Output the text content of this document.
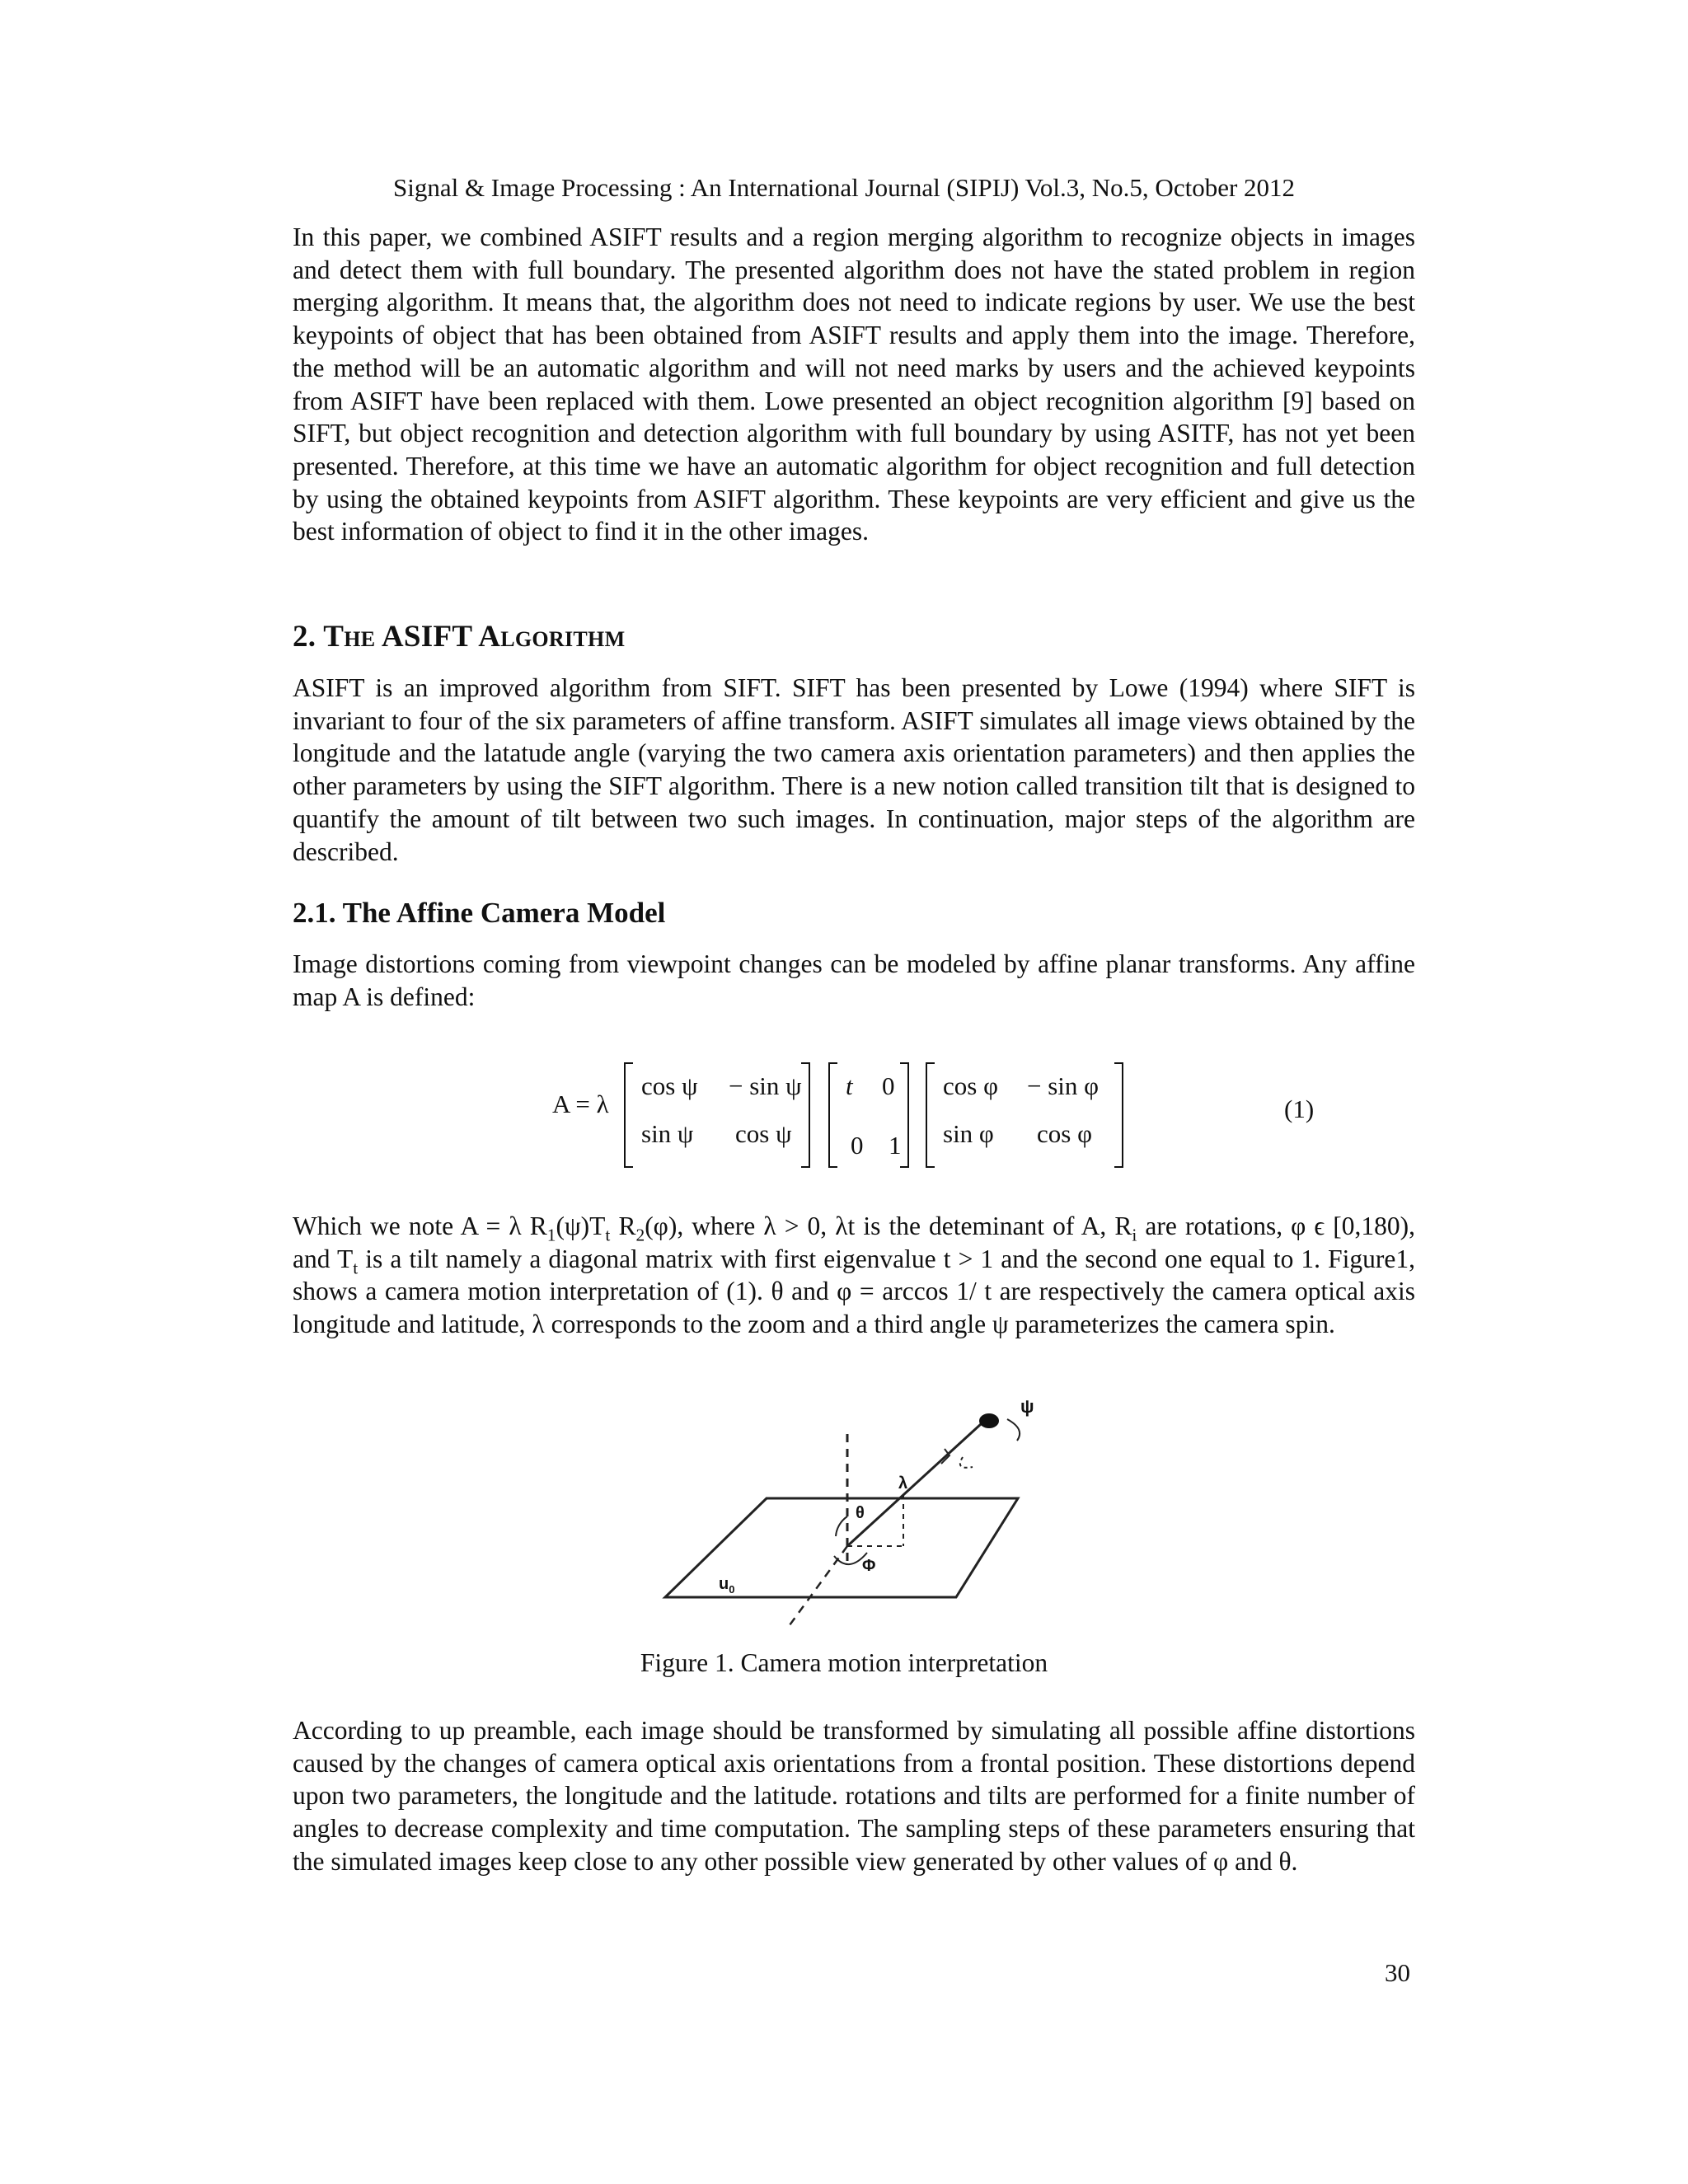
Signal & Image Processing : An International Journal (SIPIJ) Vol.3, No.5, October 2012

In this paper, we combined ASIFT results and a region merging algorithm to recognize objects in images and detect them with full boundary. The presented algorithm does not have the stated problem in region merging algorithm. It means that, the algorithm does not need to indicate regions by user. We use the best keypoints of object that has been obtained from ASIFT results and apply them into the image. Therefore, the method will be an automatic algorithm and will not need marks by users and the achieved keypoints from ASIFT have been replaced with them. Lowe presented an object recognition algorithm [9] based on SIFT, but object recognition and detection algorithm with full boundary by using ASITF, has not yet been presented. Therefore, at this time we have an automatic algorithm for object recognition and full detection by using the obtained keypoints from ASIFT algorithm. These keypoints are very efficient and give us the best information of object to find it in the other images.

2. The ASIFT Algorithm

ASIFT is an improved algorithm from SIFT. SIFT has been presented by Lowe (1994) where SIFT is invariant to four of the six parameters of affine transform. ASIFT simulates all image views obtained by the longitude and the latatude angle (varying the two camera axis orientation parameters) and then applies the other parameters by using the SIFT algorithm. There is a new notion called transition tilt that is designed to quantify the amount of tilt between two such images. In continuation, major steps of the algorithm are described.

2.1. The Affine Camera Model

Image distortions coming from viewpoint changes can be modeled by affine planar transforms. Any affine map A is defined:

A = λ
cos ψ − sin ψ
sin ψ cos ψ
t 0
0 1
cos φ − sin φ
sin φ cos φ
(1)

Which we note A = λ $R_1(\psi)T_t$ $R_2(\varphi)$, where λ > 0, λt is the deteminant of A, $R_i$ are rotations, φ ϵ [0,180), and $T_t$ is a tilt namely a diagonal matrix with first eigenvalue t > 1 and the second one equal to 1. Figure1, shows a camera motion interpretation of (1). θ and φ = arccos 1/ t are respectively the camera optical axis longitude and latitude, λ corresponds to the zoom and a third angle ψ parameterizes the camera spin.

ψ
λ
θ
Φ
$u_0$
Figure 1. Camera motion interpretation

According to up preamble, each image should be transformed by simulating all possible affine distortions caused by the changes of camera optical axis orientations from a frontal position. These distortions depend upon two parameters, the longitude and the latitude. rotations and tilts are performed for a finite number of angles to decrease complexity and time computation. The sampling steps of these parameters ensuring that the simulated images keep close to any other possible view generated by other values of φ and θ.

30
